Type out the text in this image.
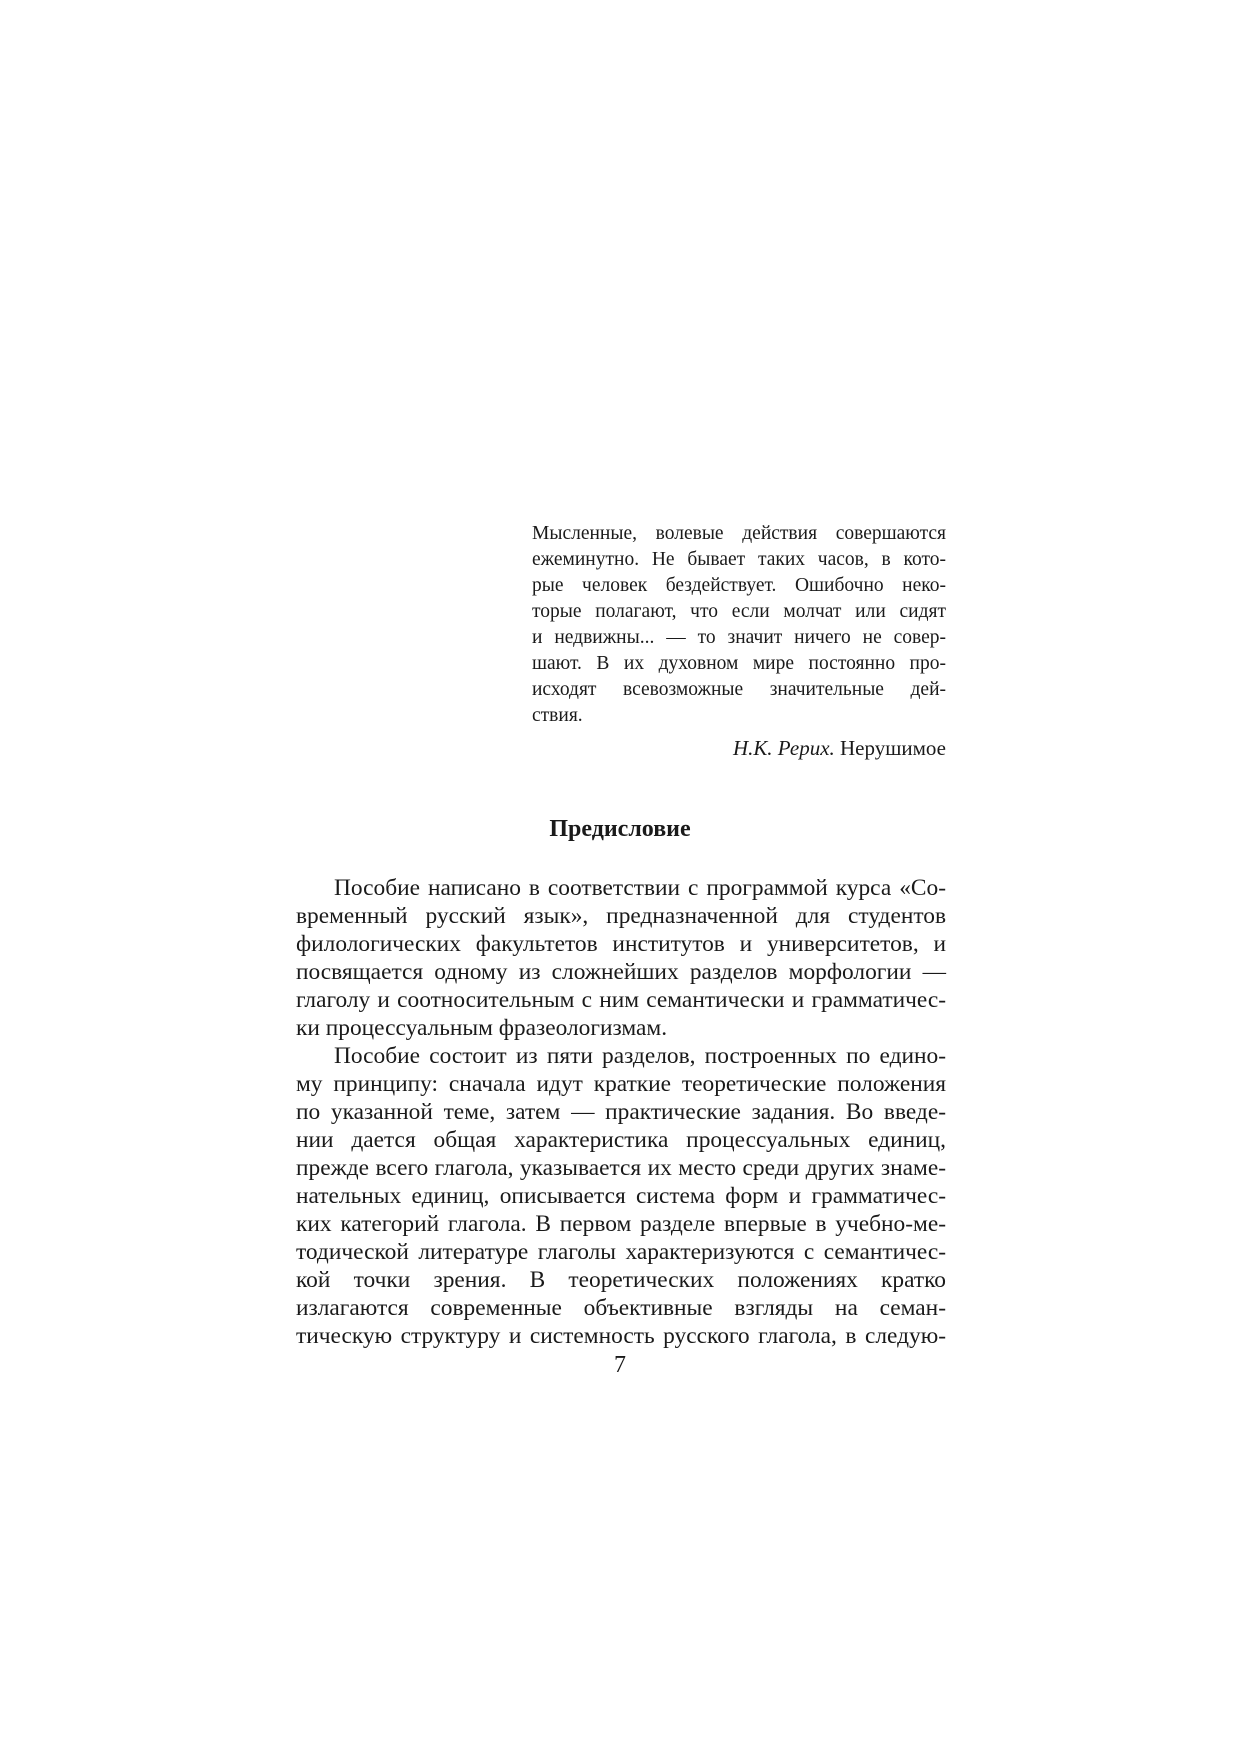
Мысленные, волевые действия совершаются

ежеминутно. Не бывает таких часов, в кото-

рые человек бездействует. Ошибочно неко-

торые полагают, что если молчат или сидят

и недвижны... — то значит ничего не совер-

шают. В их духовном мире постоянно про-

исходят всевозможные значительные дей-

ствия.

Н.К. Рерих. Нерушимое
Предисловие

Пособие написано в соответствии с программой курса «Со-

временный русский язык», предназначенной для студентов

филологических факультетов институтов и университетов, и

посвящается одному из сложнейших разделов морфологии —

глаголу и соотносительным с ним семантически и грамматичес-

ки процессуальным фразеологизмам.

Пособие состоит из пяти разделов, построенных по едино-

му принципу: сначала идут краткие теоретические положения

по указанной теме, затем — практические задания. Во введе-

нии дается общая характеристика процессуальных единиц,

прежде всего глагола, указывается их место среди других знаме-

нательных единиц, описывается система форм и грамматичес-

ких категорий глагола. В первом разделе впервые в учебно-ме-

тодической литературе глаголы характеризуются с семантичес-

кой точки зрения. В теоретических положениях кратко

излагаются современные объективные взгляды на семан-

тическую структуру и системность русского глагола, в следую-

7
